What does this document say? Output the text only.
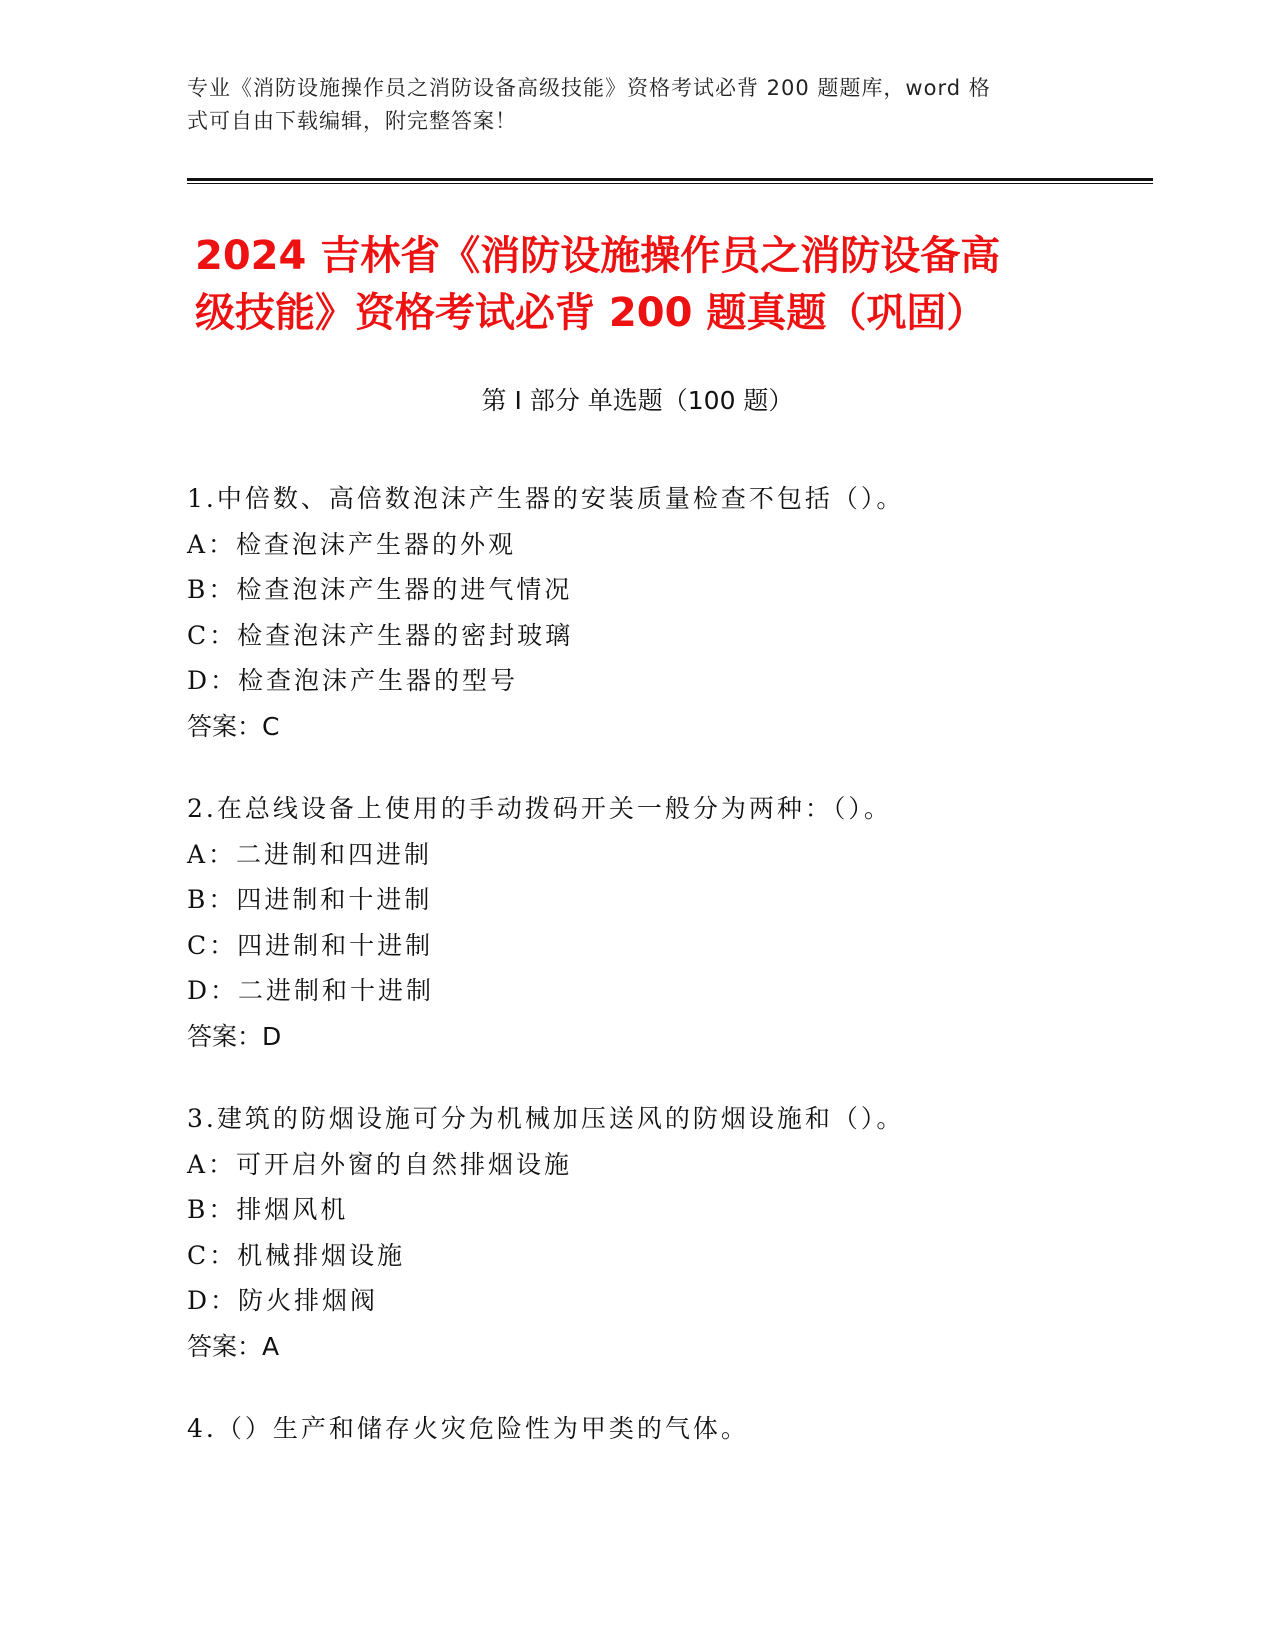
专业《消防设施操作员之消防设备高级技能》资格考试必背 200 题题库，word 格
式可自由下载编辑，附完整答案！
2024 吉林省《消防设施操作员之消防设备高
级技能》资格考试必背 200 题真题（巩固）
第 I 部分 单选题（100 题）
1.中倍数、高倍数泡沫产生器的安装质量检查不包括（）。
A：检查泡沫产生器的外观
B：检查泡沫产生器的进气情况
C：检查泡沫产生器的密封玻璃
D：检查泡沫产生器的型号
答案：C
2.在总线设备上使用的手动拨码开关一般分为两种：（）。
A：二进制和四进制
B：四进制和十进制
C：四进制和十进制
D：二进制和十进制
答案：D
3.建筑的防烟设施可分为机械加压送风的防烟设施和（）。
A：可开启外窗的自然排烟设施
B：排烟风机
C：机械排烟设施
D：防火排烟阀
答案：A
4.（）生产和储存火灾危险性为甲类的气体。
